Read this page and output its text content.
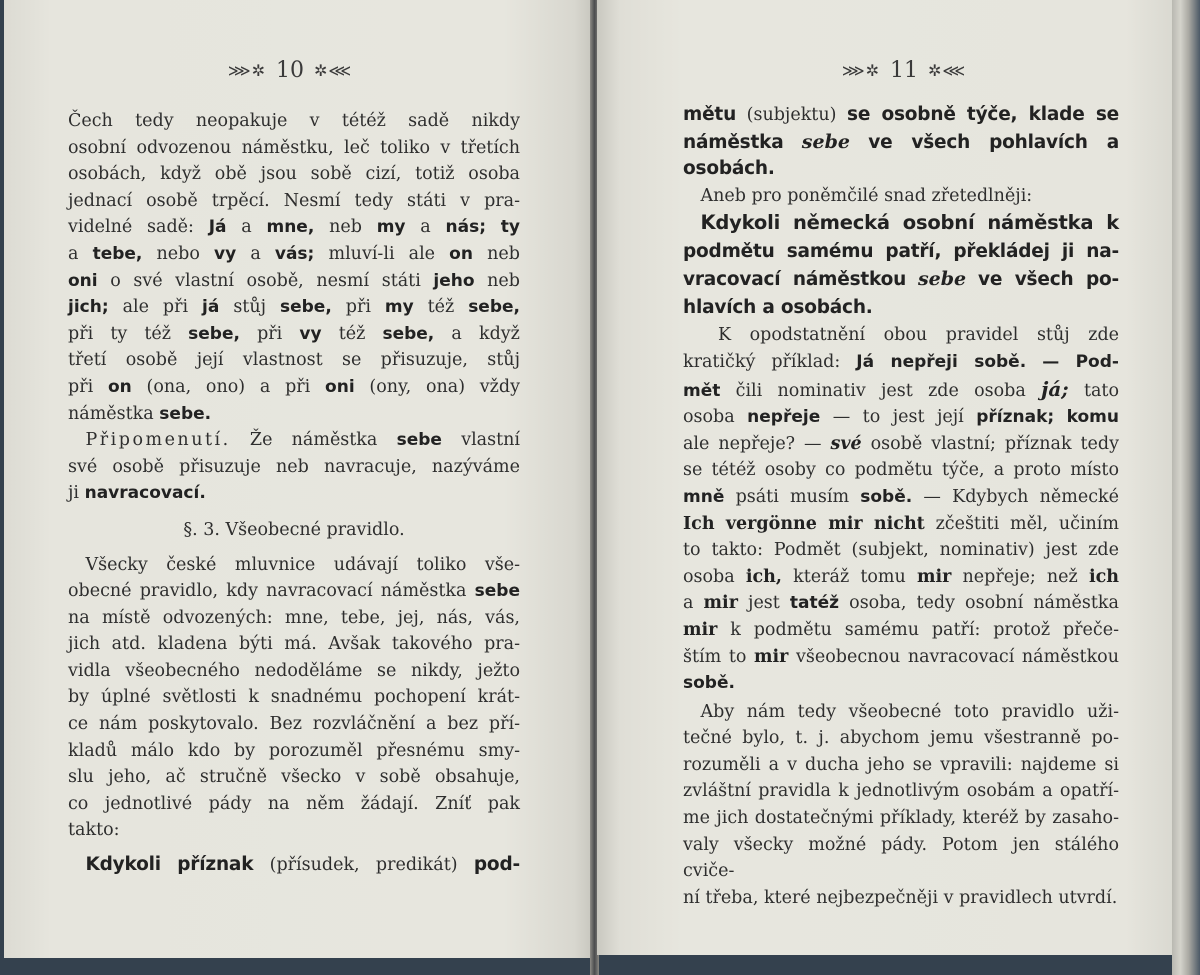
⋙✲ 10 ✲⋘

Čech tedy neopakuje v tétéž sadě nikdy
osobní odvozenou náměstku, leč toliko v třetích
osobách, když obě jsou sobě cizí, totiž osoba
jednací osobě trpěcí. Nesmí tedy státi v pra-
videlné sadě: Já a mne, neb my a nás; ty
a tebe, nebo vy a vás; mluví-li ale on neb
oni o své vlastní osobě, nesmí státi jeho neb
jich; ale při já stůj sebe, při my též sebe,
při ty též sebe, při vy též sebe, a když
třetí osobě její vlastnost se přisuzuje, stůj
při on (ona, ono) a při oni (ony, ona) vždy
náměstka sebe.

 Připomenutí. Že náměstka sebe vlastní
své osobě přisuzuje neb navracuje, nazýváme
ji navracovací.

§. 3. Všeobecné pravidlo.

 Všecky české mluvnice udávají toliko vše-
obecné pravidlo, kdy navracovací náměstka sebe
na místě odvozených: mne, tebe, jej, nás, vás,
jich atd. kladena býti má. Avšak takového pra-
vidla všeobecného nedoděláme se nikdy, ježto
by úplné světlosti k snadnému pochopení krát-
ce nám poskytovalo. Bez rozvláčnění a bez pří-
kladů málo kdo by porozuměl přesnému smy-
slu jeho, ač stručně všecko v sobě obsahuje,
co jednotlivé pády na něm žádají. Zníť pak
takto:

 Kdykoli příznak (přísudek, predikát) pod-

⋙✲ 11 ✲⋘

mětu (subjektu) se osobně týče, klade se
náměstka sebe ve všech pohlavích a
osobách.

 Aneb pro poněmčilé snad zřetedlněji:

 Kdykoli německá osobní náměstka k
podmětu samému patří, překládej ji na-
vracovací náměstkou sebe ve všech po-
hlavích a osobách.

  K opodstatnění obou pravidel stůj zde
kratičký příklad: Já nepřeji sobě. — Pod-
mět čili nominativ jest zde osoba já; tato
osoba nepřeje — to jest její příznak; komu
ale nepřeje? — své osobě vlastní; příznak tedy
se tétéž osoby co podmětu týče, a proto místo
mně psáti musím sobě. — Kdybych německé
Ich vergönne mir nicht zčeštiti měl, učiním
to takto: Podmět (subjekt, nominativ) jest zde
osoba ich, kteráž tomu mir nepřeje; než ich
a mir jest tatéž osoba, tedy osobní náměstka
mir k podmětu samému patří: protož přeče-
štím to mir všeobecnou navracovací náměstkou
sobě.

 Aby nám tedy všeobecné toto pravidlo uži-
tečné bylo, t. j. abychom jemu všestranně po-
rozuměli a v ducha jeho se vpravili: najdeme si
zvláštní pravidla k jednotlivým osobám a opatří-
me jich dostatečnými příklady, kteréž by zasaho-
valy všecky možné pády. Potom jen stálého cviče-
ní třeba, které nejbezpečněji v pravidlech utvrdí.
